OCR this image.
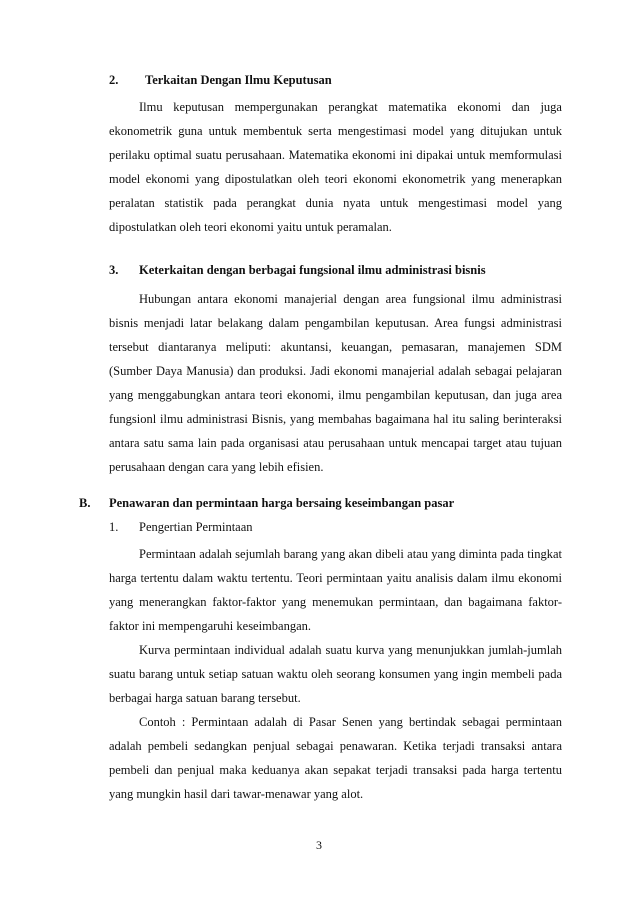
2. Terkaitan Dengan Ilmu Keputusan

Ilmu keputusan mempergunakan perangkat matematika ekonomi dan juga ekonometrik guna untuk membentuk serta mengestimasi model yang ditujukan untuk perilaku optimal suatu perusahaan. Matematika ekonomi ini dipakai untuk memformulasi model ekonomi yang dipostulatkan oleh teori ekonomi ekonometrik yang menerapkan peralatan statistik pada perangkat dunia nyata untuk mengestimasi model yang dipostulatkan oleh teori ekonomi yaitu untuk peramalan.

3. Keterkaitan dengan berbagai fungsional ilmu administrasi bisnis

Hubungan antara ekonomi manajerial dengan area fungsional ilmu administrasi bisnis menjadi latar belakang dalam pengambilan keputusan. Area fungsi administrasi tersebut diantaranya meliputi: akuntansi, keuangan, pemasaran, manajemen SDM (Sumber Daya Manusia) dan produksi. Jadi ekonomi manajerial adalah sebagai pelajaran yang menggabungkan antara teori ekonomi, ilmu pengambilan keputusan, dan juga area fungsionl ilmu administrasi Bisnis, yang membahas bagaimana hal itu saling berinteraksi antara satu sama lain pada organisasi atau perusahaan untuk mencapai target atau tujuan perusahaan dengan cara yang lebih efisien.

B. Penawaran dan permintaan harga bersaing keseimbangan pasar
1. Pengertian Permintaan

Permintaan adalah sejumlah barang yang akan dibeli atau yang diminta pada tingkat harga tertentu dalam waktu tertentu. Teori permintaan yaitu analisis dalam ilmu ekonomi yang menerangkan faktor-faktor yang menemukan permintaan, dan bagaimana faktor-faktor ini mempengaruhi keseimbangan.

Kurva permintaan individual adalah suatu kurva yang menunjukkan jumlah-jumlah suatu barang untuk setiap satuan waktu oleh seorang konsumen yang ingin membeli pada berbagai harga satuan barang tersebut.

Contoh : Permintaan adalah di Pasar Senen yang bertindak sebagai permintaan adalah pembeli sedangkan penjual sebagai penawaran. Ketika terjadi transaksi antara pembeli dan penjual maka keduanya akan sepakat terjadi transaksi pada harga tertentu yang mungkin hasil dari tawar-menawar yang alot.

3
